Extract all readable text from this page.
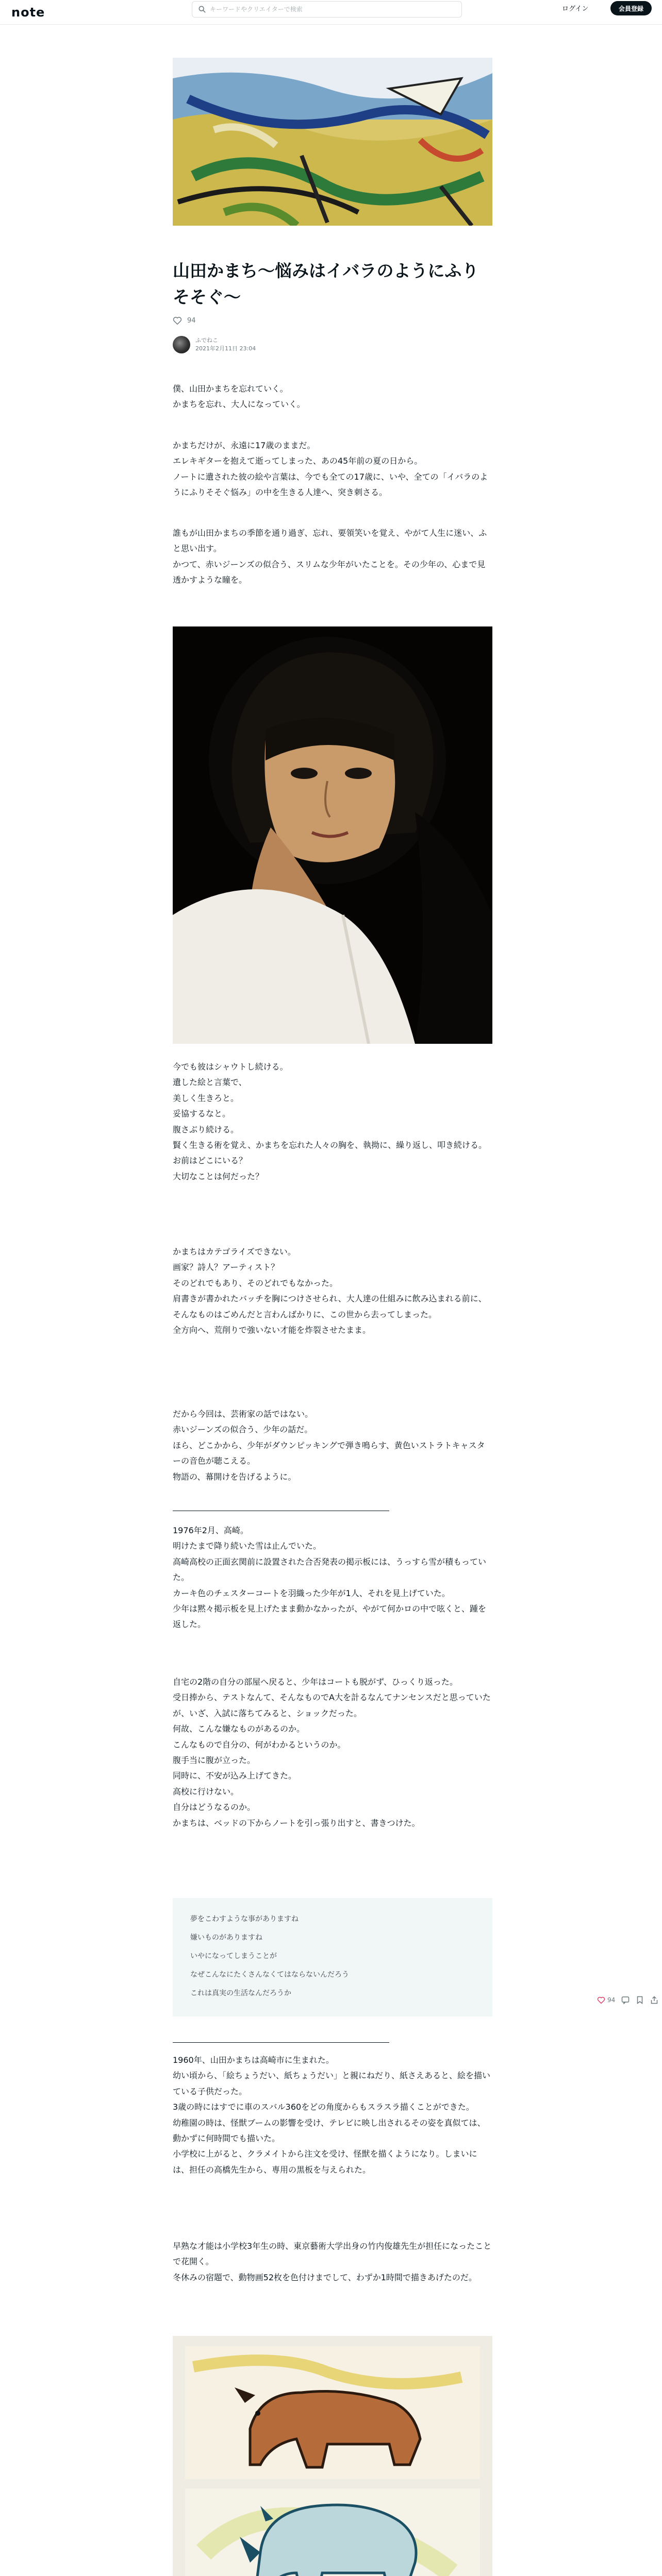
note
キーワードやクリエイターで検索	ログイン	会員登録
山田かまち〜悩みはイバラのようにふりそそぐ〜
94
ふでねこ
2021年2月11日 23:04

僕、山田かまちを忘れていく。

かまちを忘れ、大人になっていく。

かまちだけが、永遠に17歳のままだ。

エレキギターを抱えて逝ってしまった、あの45年前の夏の日から。

ノートに遺された彼の絵や言葉は、今でも全ての17歳に、いや、全ての「イバラのようにふりそそぐ悩み」の中を生きる人達へ、突き刺さる。

誰もが山田かまちの季節を通り過ぎ、忘れ、要領笑いを覚え、やがて人生に迷い、ふと思い出す。

かつて、赤いジーンズの似合う、スリムな少年がいたことを。その少年の、心まで見透かすような瞳を。

今でも彼はシャウトし続ける。

遺した絵と言葉で、

美しく生きろと。

妥協するなと。

腹さぶり続ける。

賢く生きる術を覚え、かまちを忘れた人々の胸を、執拗に、繰り返し、叩き続ける。

お前はどこにいる？

大切なことは何だった？

かまちはカテゴライズできない。

画家？詩人？アーティスト？

そのどれでもあり、そのどれでもなかった。

肩書きが書かれたバッチを胸につけさせられ、大人達の仕組みに飲み込まれる前に、そんなものはごめんだと言わんばかりに、この世から去ってしまった。

全方向へ、荒削りで強いない才能を炸裂させたまま。

だから今回は、芸術家の話ではない。

赤いジーンズの似合う、少年の話だ。

ほら、どこかから、少年がダウンピッキングで弾き鳴らす、黄色いストラトキャスターの音色が聴こえる。

物語の、幕開けを告げるように。

1976年2月、高崎。

明けたまで降り続いた雪は止んでいた。

高崎高校の正面玄関前に設置された合否発表の掲示板には、うっすら雪が積もっていた。

カーキ色のチェスターコートを羽織った少年が1人、それを見上げていた。

少年は黙々掲示板を見上げたまま動かなかったが、やがて何かロの中で呟くと、踵を返した。

自宅の2階の自分の部屋へ戻ると、少年はコートも脱がず、ひっくり返った。

受日捧から、テストなんて、そんなものでA大を計るなんてナンセンスだと思っていたが、いざ、入試に落ちてみると、ショックだった。

何故、こんな嫌なものがあるのか。

こんなもので自分の、何がわかるというのか。

腹手当に腹が立った。

同時に、不安が込み上げてきた。

高校に行けない。

自分はどうなるのか。

かまちは、ベッドの下からノートを引っ張り出すと、書きつけた。

夢をこわすような事がありますね
嫌いものがありますね
いやになってしまうことが
なぜこんなにたくさんなくてはならないんだろう
これは真実の生活なんだろうか
94

1960年、山田かまちは高崎市に生まれた。

幼い頃から、「絵ちょうだい、紙ちょうだい」と親にねだり、紙さえあると、絵を描いている子供だった。

3歳の時にはすでに車のスバル360をどの角度からもスラスラ描くことができた。

幼稚園の時は、怪獣ブームの影響を受け、テレビに映し出されるその姿を真似ては、動かずに何時間でも描いた。

小学校に上がると、クラメイトから注文を受け、怪獣を描くようになり。しまいには、担任の高橋先生から、専用の黒板を与えられた。

早熟な才能は小学校3年生の時、東京藝術大学出身の竹内俊雄先生が担任になったことで花開く。

冬休みの宿題で、動物画52枚を色付けまでして、わずか1時間で描きあげたのだ。
